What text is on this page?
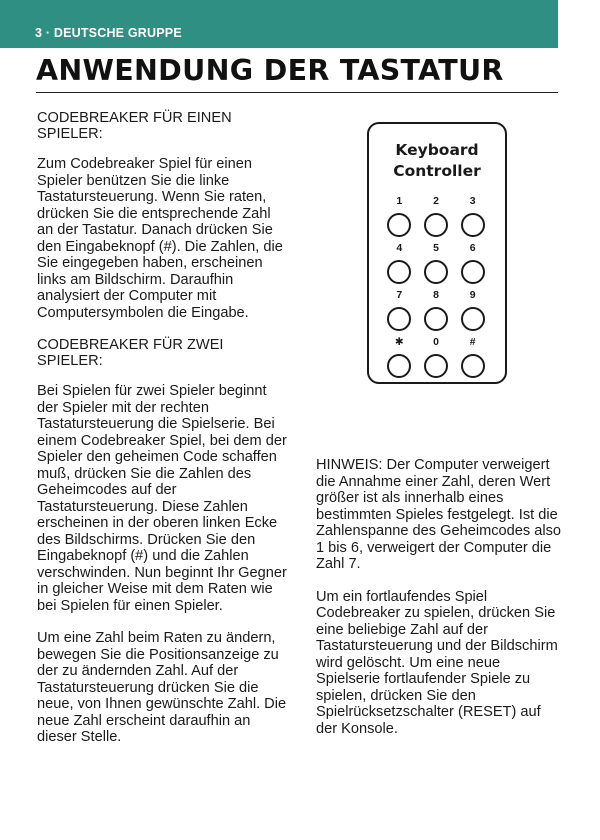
3 · DEUTSCHE GRUPPE
ANWENDUNG DER TASTATUR

CODEBREAKER FÜR EINEN SPIELER:

Zum Codebreaker Spiel für einen Spieler benützen Sie die linke Tastatursteuerung. Wenn Sie raten, drücken Sie die entsprechende Zahl an der Tastatur. Danach drücken Sie den Eingabeknopf (#). Die Zahlen, die Sie eingegeben haben, erscheinen links am Bildschirm. Daraufhin analysiert der Computer mit Computersymbolen die Eingabe.

CODEBREAKER FÜR ZWEI SPIELER:

Bei Spielen für zwei Spieler beginnt der Spieler mit der rechten Tastatursteuerung die Spielserie. Bei einem Codebreaker Spiel, bei dem der Spieler den geheimen Code schaffen muß, drücken Sie die Zahlen des Geheimcodes auf der Tastatursteuerung. Diese Zahlen erscheinen in der oberen linken Ecke des Bildschirms. Drücken Sie den Eingabeknopf (#) und die Zahlen verschwinden. Nun beginnt Ihr Gegner in gleicher Weise mit dem Raten wie bei Spielen für einen Spieler.

Um eine Zahl beim Raten zu ändern, bewegen Sie die Positionsanzeige zu der zu ändernden Zahl. Auf der Tastatursteuerung drücken Sie die neue, von Ihnen gewünschte Zahl. Die neue Zahl erscheint daraufhin an dieser Stelle.

Keyboard
Controller
1	2	3
4	5	6
7	8	9
✱	0	#

HINWEIS: Der Computer verweigert die Annahme einer Zahl, deren Wert größer ist als innerhalb eines bestimmten Spieles festgelegt. Ist die Zahlenspanne des Geheimcodes also 1 bis 6, verweigert der Computer die Zahl 7.

Um ein fortlaufendes Spiel Codebreaker zu spielen, drücken Sie eine beliebige Zahl auf der Tastatursteuerung und der Bildschirm wird gelöscht. Um eine neue Spielserie fortlaufender Spiele zu spielen, drücken Sie den Spielrücksetzschalter (RESET) auf der Konsole.
